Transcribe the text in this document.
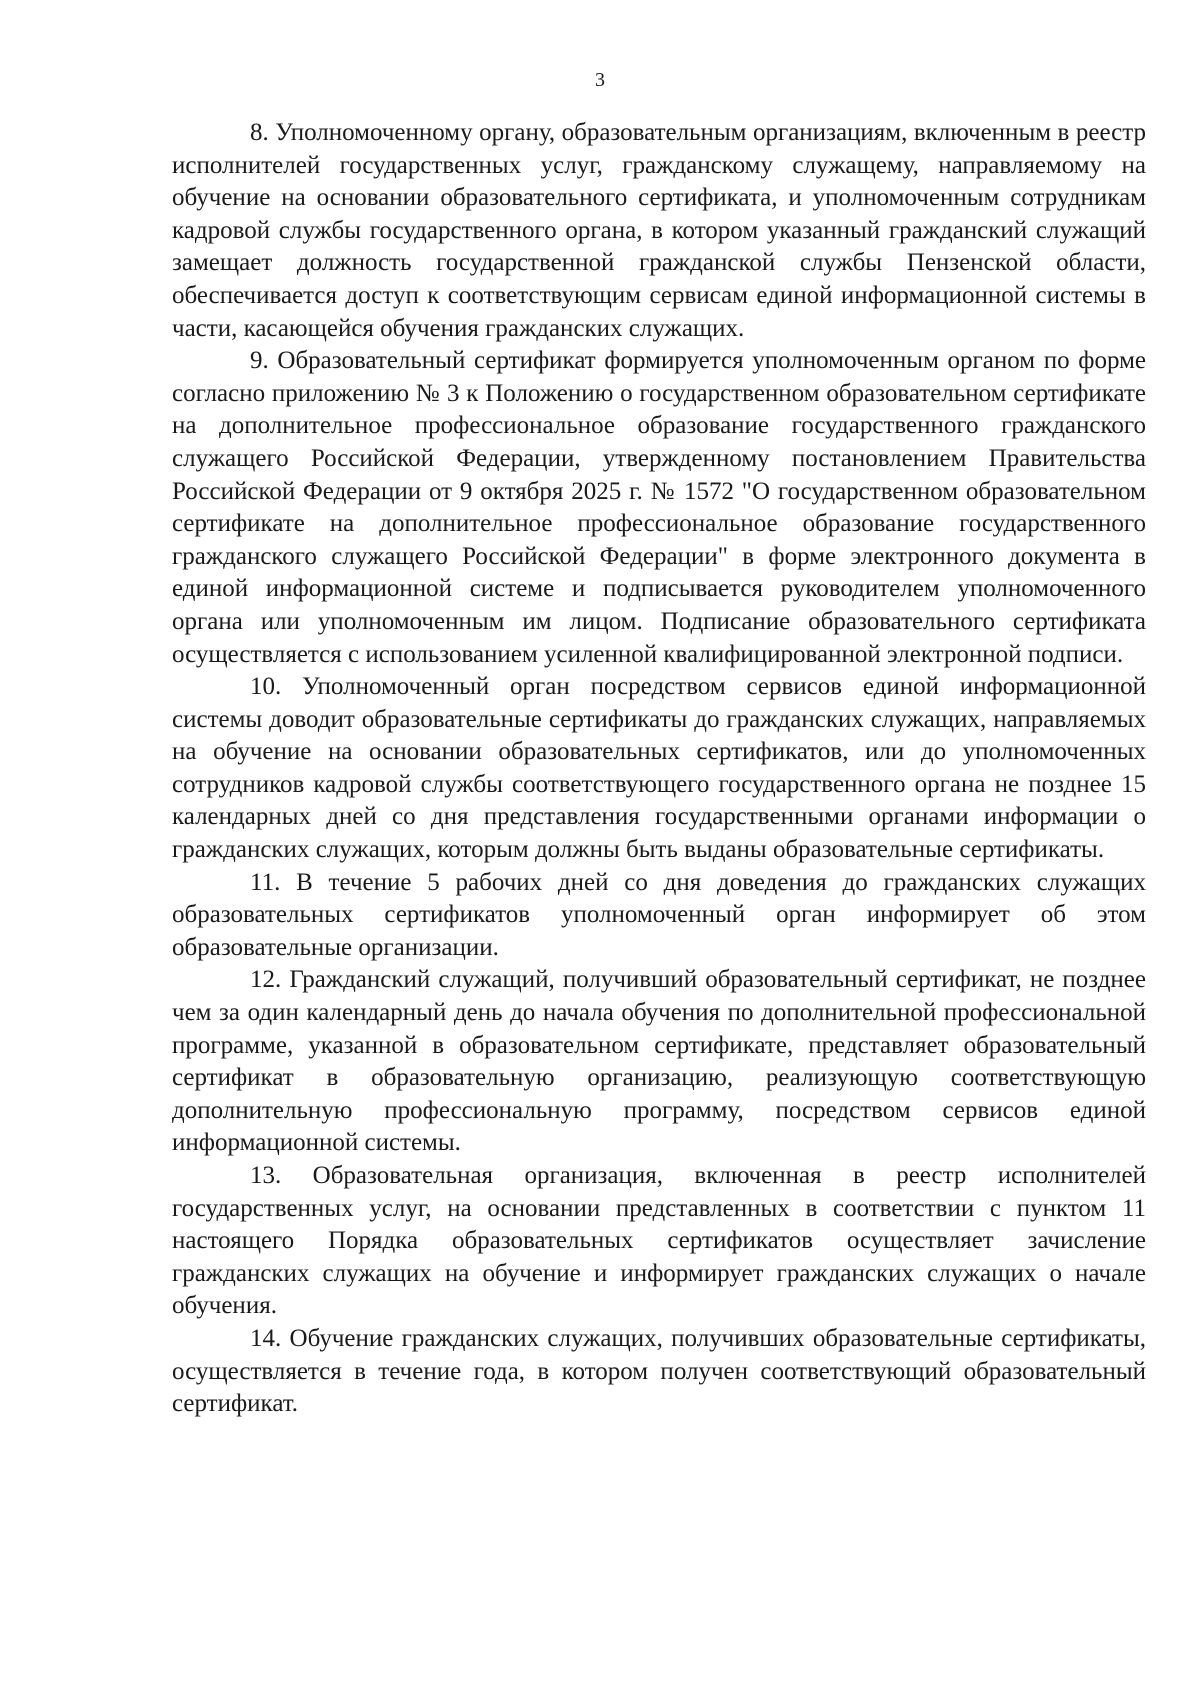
3

8. Уполномоченному органу, образовательным организациям, включенным в реестр исполнителей государственных услуг, гражданскому служащему, направляемому на обучение на основании образовательного сертификата, и уполномоченным сотрудникам кадровой службы государственного органа, в котором указанный гражданский служащий замещает должность государственной гражданской службы Пензенской области, обеспечивается доступ к соответствующим сервисам единой информационной системы в части, касающейся обучения гражданских служащих.

9. Образовательный сертификат формируется уполномоченным органом по форме согласно приложению № 3 к Положению о государственном образовательном сертификате на дополнительное профессиональное образование государственного гражданского служащего Российской Федерации, утвержденному постановлением Правительства Российской Федерации от 9 октября 2025 г. № 1572 "О государственном образовательном сертификате на дополнительное профессиональное образование государственного гражданского служащего Российской Федерации" в форме электронного документа в единой информационной системе и подписывается руководителем уполномоченного органа или уполномоченным им лицом. Подписание образовательного сертификата осуществляется с использованием усиленной квалифицированной электронной подписи.

10. Уполномоченный орган посредством сервисов единой информационной системы доводит образовательные сертификаты до гражданских служащих, направляемых на обучение на основании образовательных сертификатов, или до уполномоченных сотрудников кадровой службы соответствующего государственного органа не позднее 15 календарных дней со дня представления государственными органами информации о гражданских служащих, которым должны быть выданы образовательные сертификаты.

11. В течение 5 рабочих дней со дня доведения до гражданских служащих образовательных сертификатов уполномоченный орган информирует об этом образовательные организации.

12. Гражданский служащий, получивший образовательный сертификат, не позднее чем за один календарный день до начала обучения по дополнительной профессиональной программе, указанной в образовательном сертификате, представляет образовательный сертификат в образовательную организацию, реализующую соответствующую дополнительную профессиональную программу, посредством сервисов единой информационной системы.

13. Образовательная организация, включенная в реестр исполнителей государственных услуг, на основании представленных в соответствии с пунктом 11 настоящего Порядка образовательных сертификатов осуществляет зачисление гражданских служащих на обучение и информирует гражданских служащих о начале обучения.

14. Обучение гражданских служащих, получивших образовательные сертификаты, осуществляется в течение года, в котором получен соответствующий образовательный сертификат.
